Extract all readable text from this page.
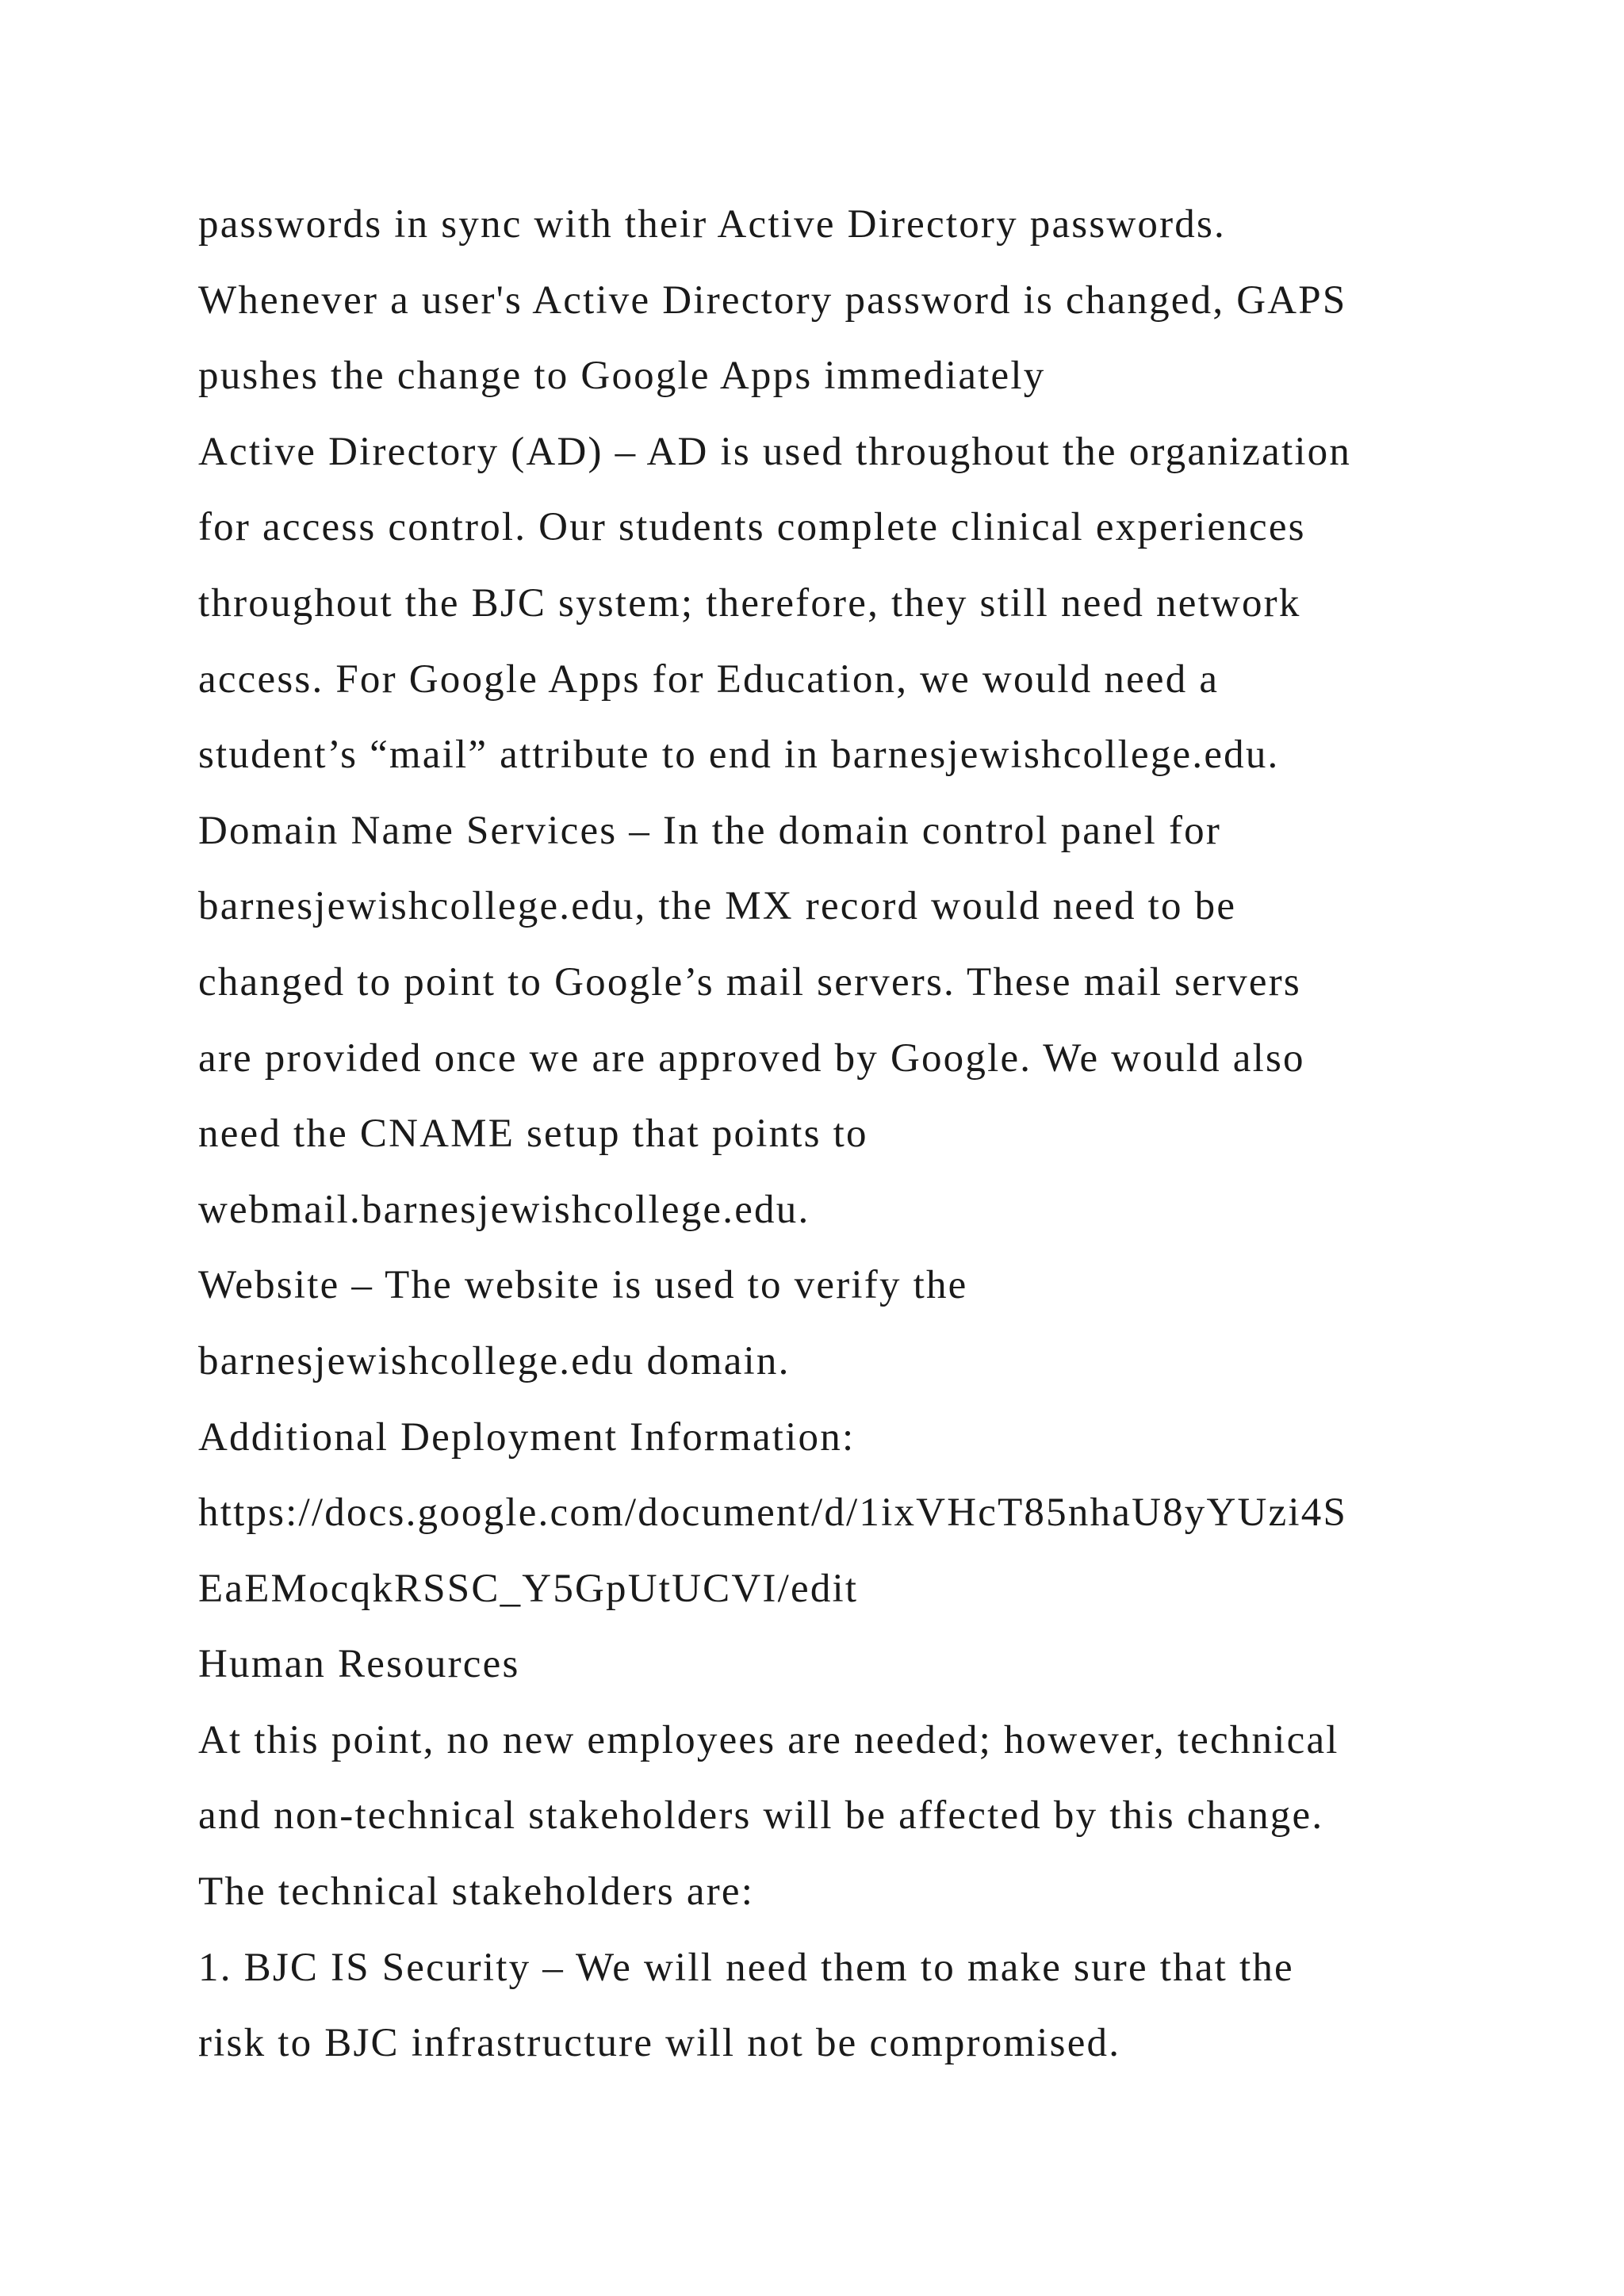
passwords in sync with their Active Directory passwords.
Whenever a user's Active Directory password is changed, GAPS
pushes the change to Google Apps immediately
Active Directory (AD) – AD is used throughout the organization
for access control. Our students complete clinical experiences
throughout the BJC system; therefore, they still need network
access. For Google Apps for Education, we would need a
student’s “mail” attribute to end in barnesjewishcollege.edu.
Domain Name Services – In the domain control panel for
barnesjewishcollege.edu, the MX record would need to be
changed to point to Google’s mail servers. These mail servers
are provided once we are approved by Google. We would also
need the CNAME setup that points to
webmail.barnesjewishcollege.edu.
Website – The website is used to verify the
barnesjewishcollege.edu domain.
Additional Deployment Information:
https://docs.google.com/document/d/1ixVHcT85nhaU8yYUzi4S
EaEMocqkRSSC_Y5GpUtUCVI/edit
Human Resources
At this point, no new employees are needed; however, technical
and non-technical stakeholders will be affected by this change.
The technical stakeholders are:
1. BJC IS Security – We will need them to make sure that the
risk to BJC infrastructure will not be compromised.
